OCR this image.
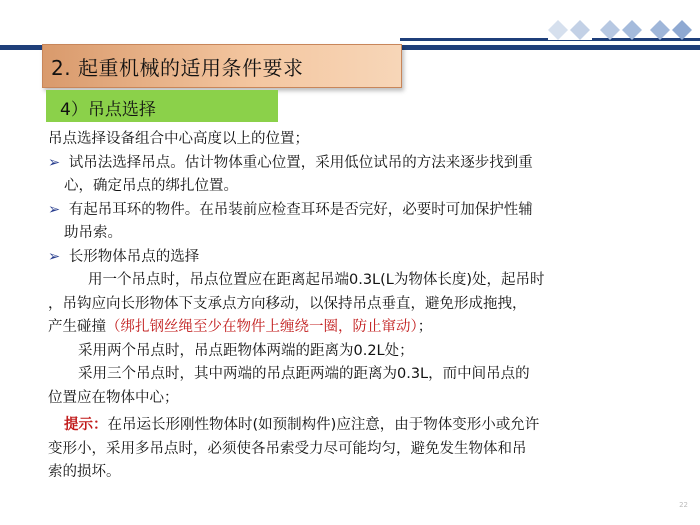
2. 起重机械的适用条件要求
4）吊点选择

吊点选择设备组合中心高度以上的位置；

➢ 试吊法选择吊点。估计物体重心位置，采用低位试吊的方法来逐步找到重

心，确定吊点的绑扎位置。

➢ 有起吊耳环的物件。在吊装前应检查耳环是否完好，必要时可加保护性辅

助吊索。

➢ 长形物体吊点的选择

用一个吊点时，吊点位置应在距离起吊端0.3L(L为物体长度)处，起吊时

，吊钩应向长形物体下支承点方向移动，以保持吊点垂直，避免形成拖拽，

产生碰撞（绑扎钢丝绳至少在物件上缠绕一圈，防止窜动）；

采用两个吊点时，吊点距物体两端的距离为0.2L处；

采用三个吊点时，其中两端的吊点距两端的距离为0.3L，而中间吊点的

位置应在物体中心；

提示：在吊运长形刚性物体时(如预制构件)应注意，由于物体变形小或允许

变形小，采用多吊点时，必须使各吊索受力尽可能均匀，避免发生物体和吊

索的损坏。

22
